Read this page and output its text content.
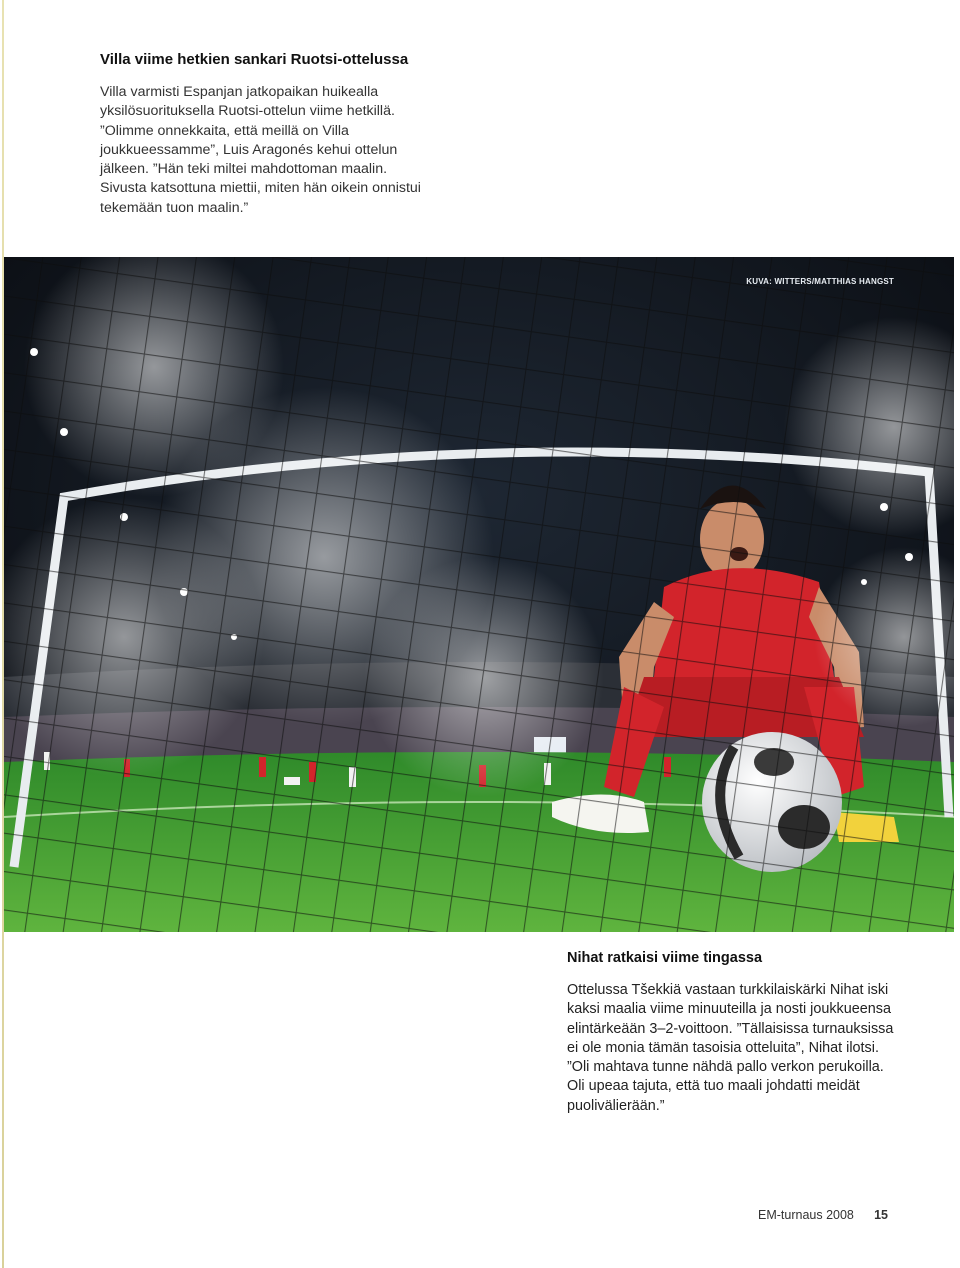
Villa viime hetkien sankari Ruotsi-ottelussa

Villa varmisti Espanjan jatkopaikan huikealla yksilösuorituksella Ruotsi-ottelun viime hetkillä. ”Olimme onnekkaita, että meillä on Villa joukkueessamme”, Luis Aragonés kehui ottelun jälkeen. ”Hän teki miltei mahdottoman maalin. Sivusta katsottuna miettii, miten hän oikein onnistui tekemään tuon maalin.”

KUVA: WITTERS/MATTHIAS HANGST
Nihat ratkaisi viime tingassa

Ottelussa Tšekkiä vastaan turkkilaiskärki Nihat iski kaksi maalia viime minuuteilla ja nosti joukkueensa elintärkeään 3–2-voittoon. ”Tällaisissa turnauksissa ei ole monia tämän tasoisia otteluita”, Nihat ilotsi. ”Oli mahtava tunne nähdä pallo verkon perukoilla. Oli upeaa tajuta, että tuo maali johdatti meidät puolivälierään.”

EM-turnaus 2008 15
